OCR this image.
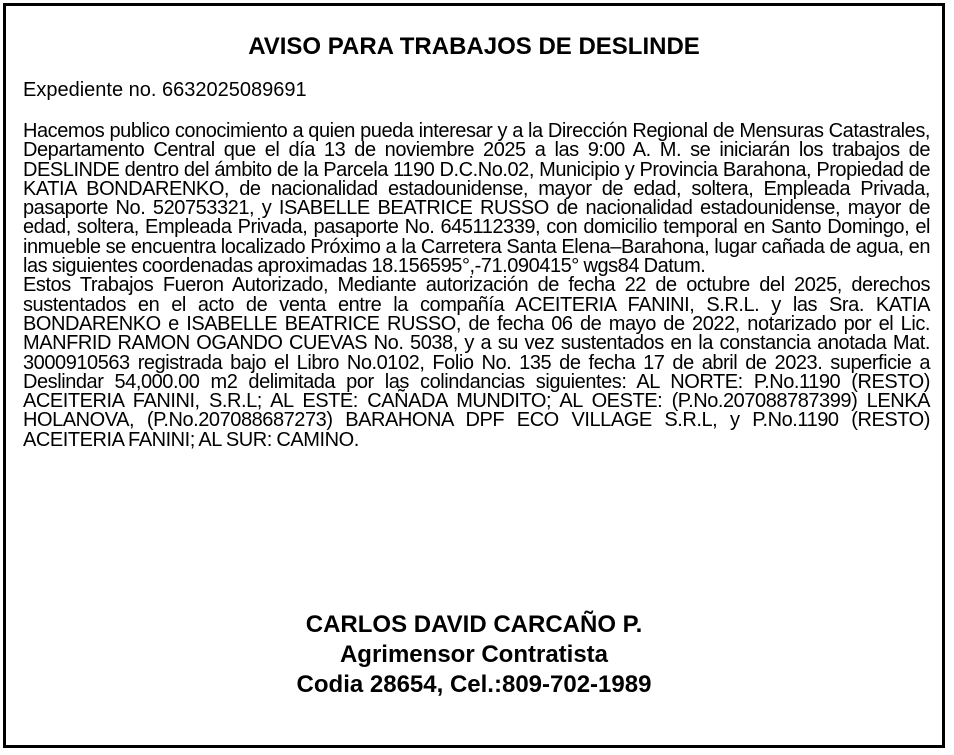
AVISO PARA TRABAJOS DE DESLINDE
Expediente no. 6632025089691

Hacemos publico conocimiento a quien pueda interesar y a la Dirección Regional de Mensuras Catastrales, Departamento Central que el día 13 de noviembre 2025 a las 9:00 A. M. se iniciarán los trabajos de DESLINDE dentro del ámbito de la Parcela 1190 D.C.No.02, Municipio y Provincia Barahona, Propiedad de KATIA BONDARENKO, de nacionalidad estadounidense, mayor de edad, soltera, Empleada Privada, pasaporte No. 520753321, y ISABELLE BEATRICE RUSSO de nacionalidad estadounidense, mayor de edad, soltera, Empleada Privada, pasaporte No. 645112339, con domicilio temporal en Santo Domingo, el inmueble se encuentra localizado Próximo a la Carretera Santa Elena–Barahona, lugar cañada de agua, en las siguientes coordenadas aproximadas 18.156595°,-71.090415° wgs84 Datum.

Estos Trabajos Fueron Autorizado, Mediante autorización de fecha 22 de octubre del 2025, derechos sustentados en el acto de venta entre la compañía ACEITERIA FANINI, S.R.L. y las Sra. KATIA BONDARENKO e ISABELLE BEATRICE RUSSO, de fecha 06 de mayo de 2022, notarizado por el Lic. MANFRID RAMON OGANDO CUEVAS No. 5038, y a su vez sustentados en la constancia anotada Mat. 3000910563 registrada bajo el Libro No.0102, Folio No. 135 de fecha 17 de abril de 2023. superficie a Deslindar 54,000.00 m2 delimitada por las colindancias siguientes: AL NORTE: P.No.1190 (RESTO) ACEITERIA FANINI, S.R.L; AL ESTE: CAÑADA MUNDITO; AL OESTE: (P.No.207088787399) LENKA HOLANOVA, (P.No.207088687273) BARAHONA DPF ECO VILLAGE S.R.L, y P.No.1190 (RESTO) ACEITERIA FANINI; AL SUR: CAMINO.

CARLOS DAVID CARCAÑO P.
Agrimensor Contratista
Codia 28654, Cel.:809-702-1989
